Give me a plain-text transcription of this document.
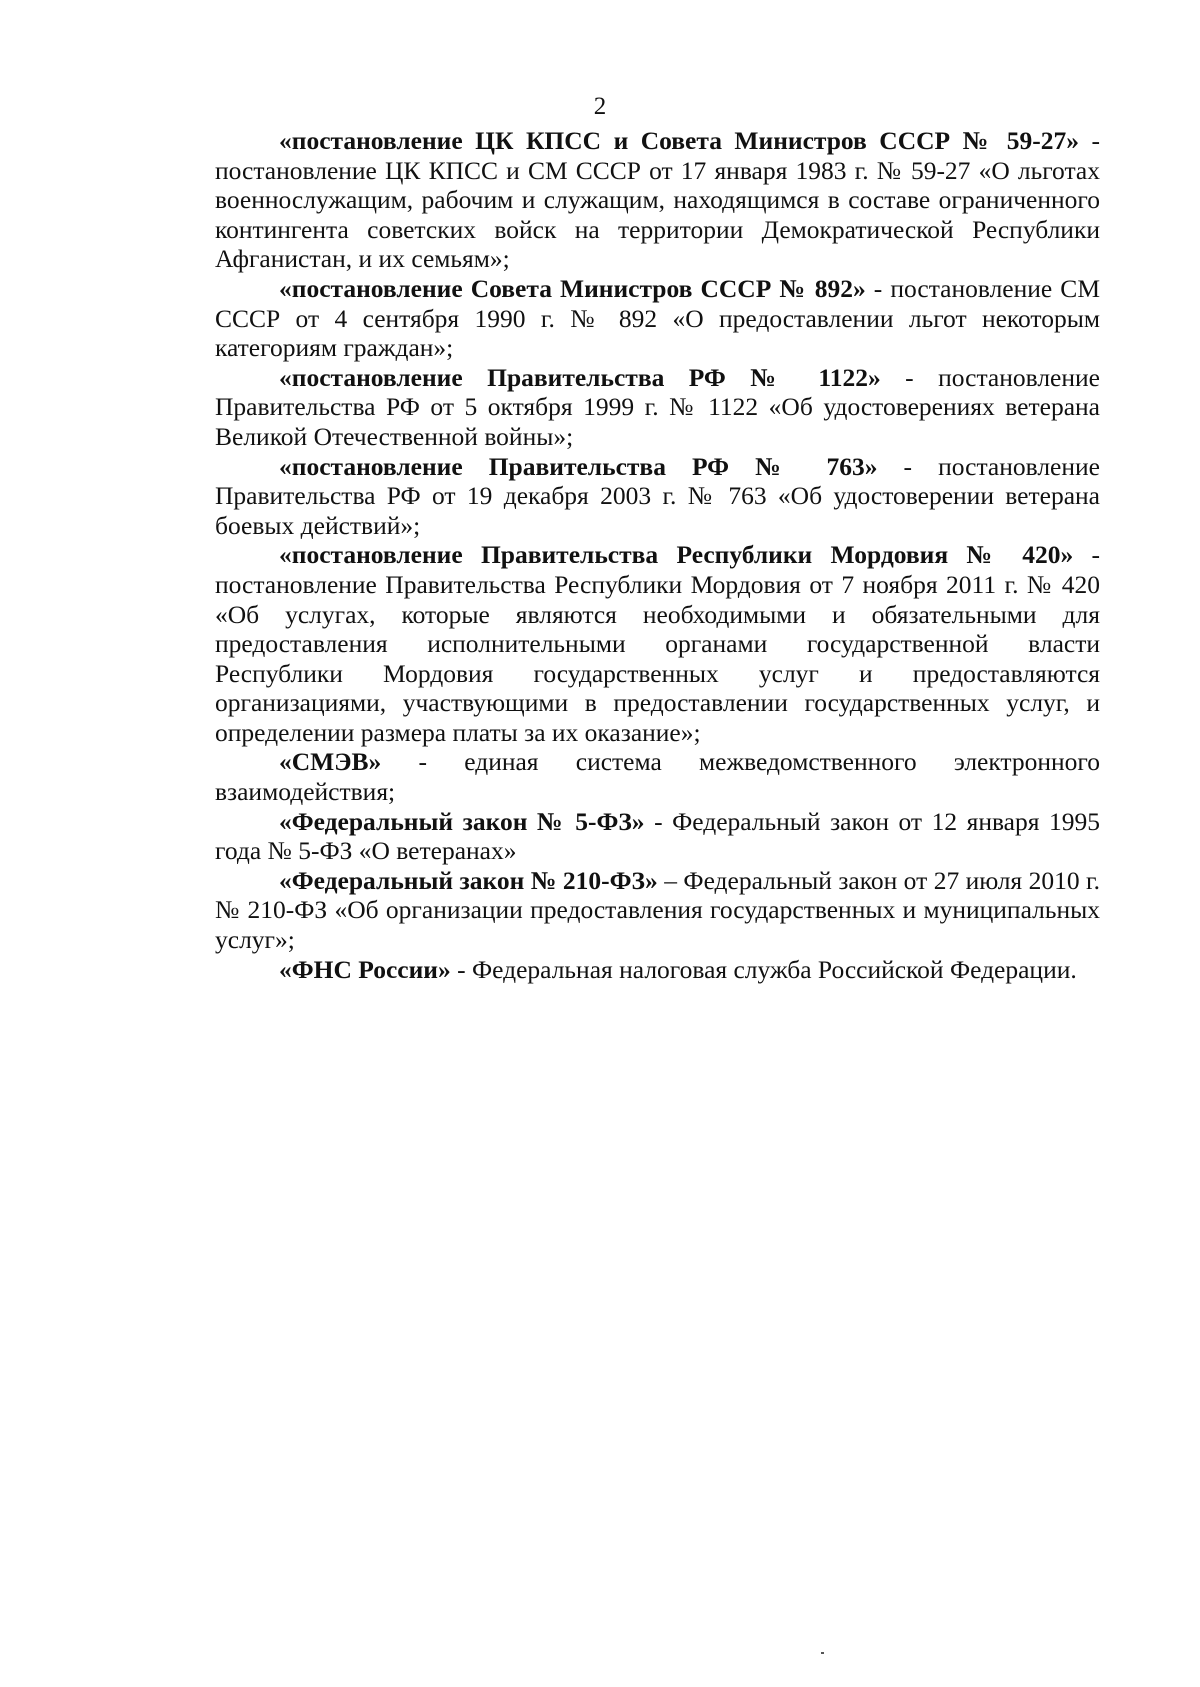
2

«постановление ЦК КПСС и Совета Министров СССР № 59-27» - постановление ЦК КПСС и СМ СССР от 17 января 1983 г. № 59-27 «О льготах военнослужащим, рабочим и служащим, находящимся в составе ограниченного контингента советских войск на территории Демократической Республики Афганистан, и их семьям»;

«постановление Совета Министров СССР № 892» - постановление СМ СССР от 4 сентября 1990 г. № 892 «О предоставлении льгот некоторым категориям граждан»;

«постановление Правительства РФ № 1122» - постановление Правительства РФ от 5 октября 1999 г. № 1122 «Об удостоверениях ветерана Великой Отечественной войны»;

«постановление Правительства РФ № 763» - постановление Правительства РФ от 19 декабря 2003 г. № 763 «Об удостоверении ветерана боевых действий»;

«постановление Правительства Республики Мордовия № 420» - постановление Правительства Республики Мордовия от 7 ноября 2011 г. № 420 «Об услугах, которые являются необходимыми и обязательными для предоставления исполнительными органами государственной власти Республики Мордовия государственных услуг и предоставляются организациями, участвующими в предоставлении государственных услуг, и определении размера платы за их оказание»;

«СМЭВ» - единая система межведомственного электронного взаимодействия;

«Федеральный закон № 5-ФЗ» - Федеральный закон от 12 января 1995 года № 5-ФЗ «О ветеранах»

«Федеральный закон № 210-ФЗ» – Федеральный закон от 27 июля 2010 г. № 210-ФЗ «Об организации предоставления государственных и муниципальных услуг»;

«ФНС России» - Федеральная налоговая служба Российской Федерации.
